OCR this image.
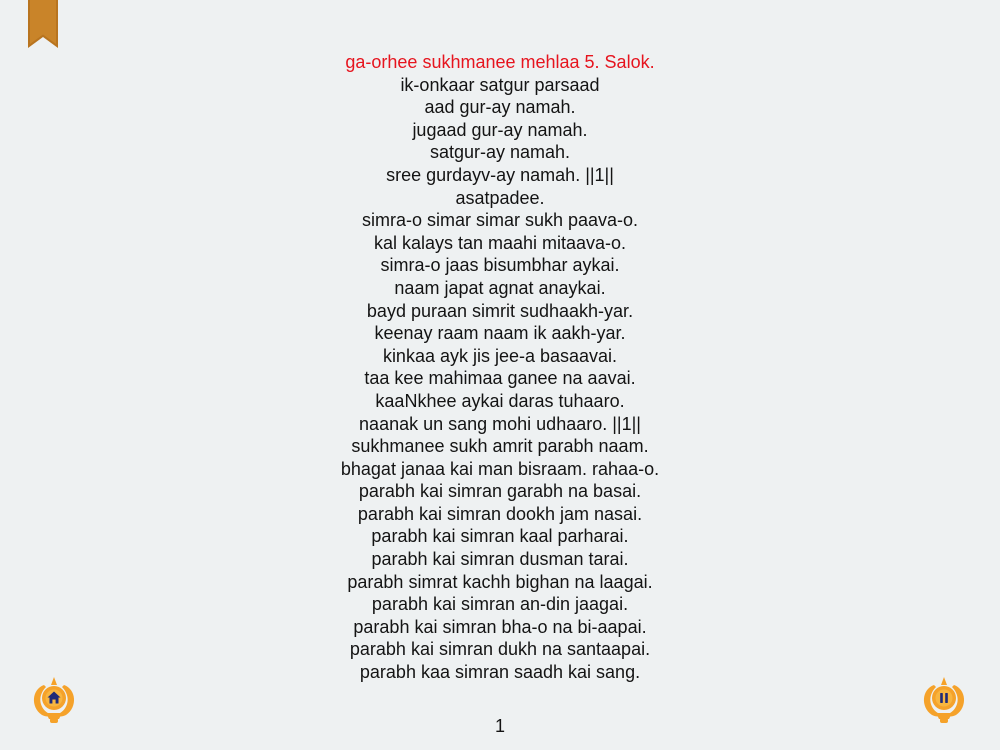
ga-orhee sukhmanee mehlaa 5. Salok.
ik-onkaar satgur parsaad
aad gur-ay namah.
jugaad gur-ay namah.
satgur-ay namah.
sree gurdayv-ay namah. ||1||
asatpadee.
simra-o simar simar sukh paava-o.
kal kalays tan maahi mitaava-o.
simra-o jaas bisumbhar aykai.
naam japat agnat anaykai.
bayd puraan simrit sudhaakh-yar.
keenay raam naam ik aakh-yar.
kinkaa ayk jis jee-a basaavai.
taa kee mahimaa ganee na aavai.
kaaNkhee aykai daras tuhaaro.
naanak un sang mohi udhaaro. ||1||
sukhmanee sukh amrit parabh naam.
bhagat janaa kai man bisraam. rahaa-o.
parabh kai simran garabh na basai.
parabh kai simran dookh jam nasai.
parabh kai simran kaal parharai.
parabh kai simran dusman tarai.
parabh simrat kachh bighan na laagai.
parabh kai simran an-din jaagai.
parabh kai simran bha-o na bi-aapai.
parabh kai simran dukh na santaapai.
parabh kaa simran saadh kai sang.
1
